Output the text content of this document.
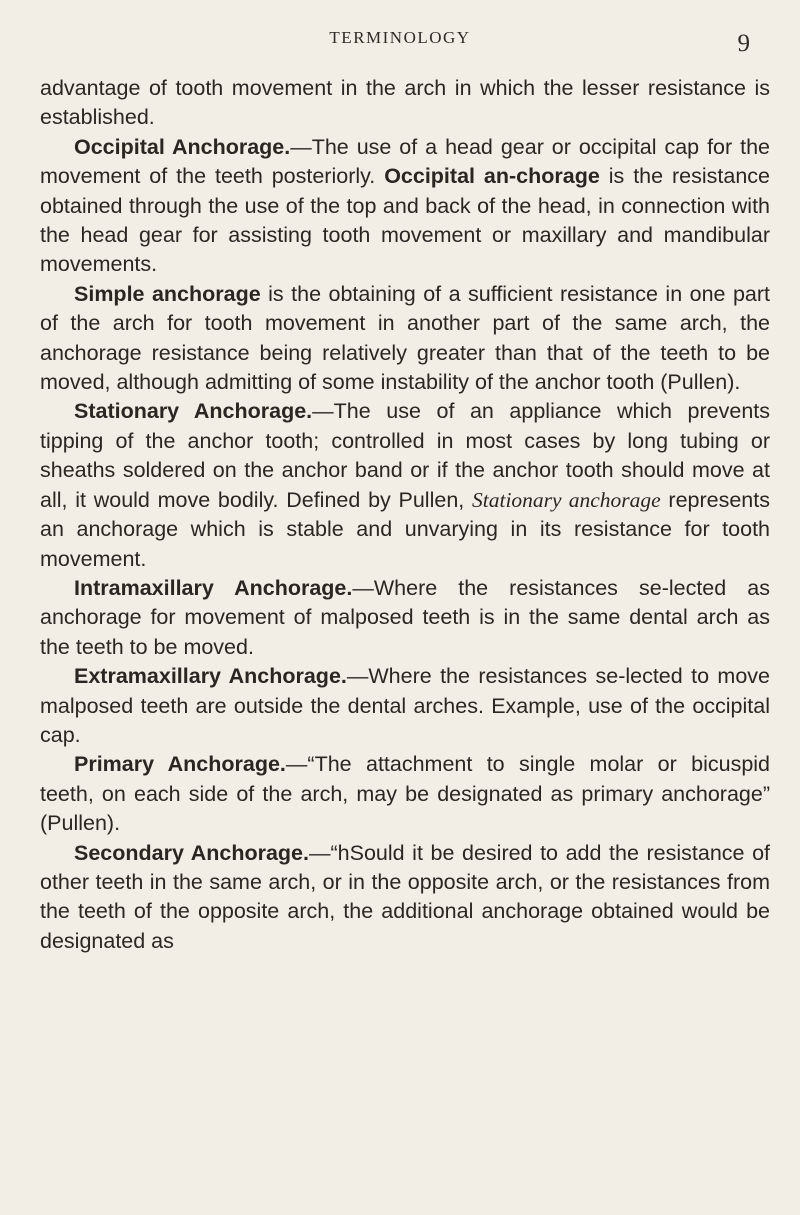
TERMINOLOGY	9

advantage of tooth movement in the arch in which the lesser resistance is established.

Occipital Anchorage.—The use of a head gear or occipital cap for the movement of the teeth posteriorly. Occipital an-chorage is the resistance obtained through the use of the top and back of the head, in connection with the head gear for assisting tooth movement or maxillary and mandibular movements.

Simple anchorage is the obtaining of a sufficient resistance in one part of the arch for tooth movement in another part of the same arch, the anchorage resistance being relatively greater than that of the teeth to be moved, although admitting of some instability of the anchor tooth (Pullen).

Stationary Anchorage.—The use of an appliance which prevents tipping of the anchor tooth; controlled in most cases by long tubing or sheaths soldered on the anchor band or if the anchor tooth should move at all, it would move bodily. Defined by Pullen, Stationary anchorage represents an anchorage which is stable and unvarying in its resistance for tooth movement.

Intramaxillary Anchorage.—Where the resistances se-lected as anchorage for movement of malposed teeth is in the same dental arch as the teeth to be moved.

Extramaxillary Anchorage.—Where the resistances se-lected to move malposed teeth are outside the dental arches. Example, use of the occipital cap.

Primary Anchorage.—“The attachment to single molar or bicuspid teeth, on each side of the arch, may be designated as primary anchorage” (Pullen).

Secondary Anchorage.—“hSould it be desired to add the resistance of other teeth in the same arch, or in the opposite arch, or the resistances from the teeth of the opposite arch, the additional anchorage obtained would be designated as
